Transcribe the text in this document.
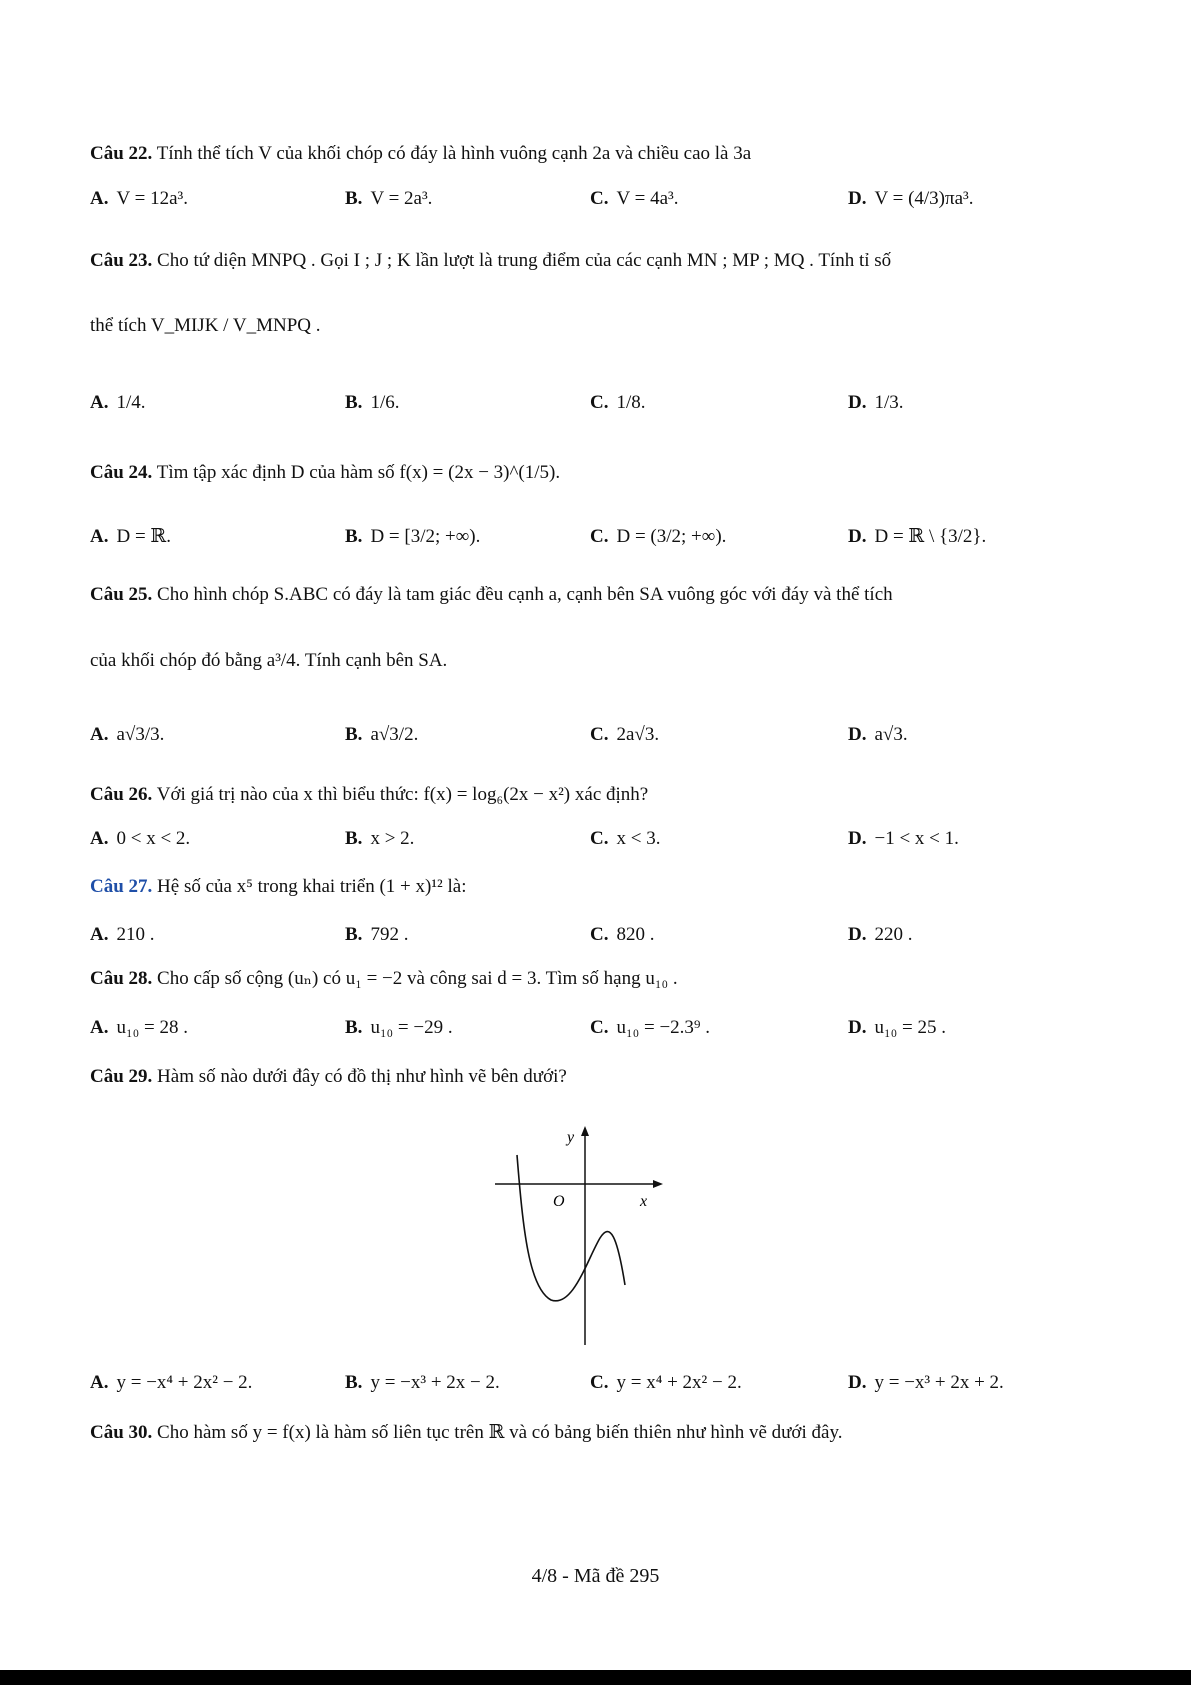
Câu 22. Tính thể tích V của khối chóp có đáy là hình vuông cạnh 2a và chiều cao là 3a
A. V = 12a³.	B. V = 2a³.	C. V = 4a³.	D. V = (4/3)πa³.
Câu 23. Cho tứ diện MNPQ . Gọi I ; J ; K lần lượt là trung điểm của các cạnh MN ; MP ; MQ . Tính tỉ số
thể tích V_MIJK / V_MNPQ .
A. 1/4.	B. 1/6.	C. 1/8.	D. 1/3.
Câu 24. Tìm tập xác định D của hàm số f(x) = (2x − 3)^(1/5).
A. D = ℝ.	B. D = [3/2; +∞).	C. D = (3/2; +∞).	D. D = ℝ \ {3/2}.
Câu 25. Cho hình chóp S.ABC có đáy là tam giác đều cạnh a, cạnh bên SA vuông góc với đáy và thể tích
của khối chóp đó bằng a³/4. Tính cạnh bên SA.
A. a√3/3.	B. a√3/2.	C. 2a√3.	D. a√3.
Câu 26. Với giá trị nào của x thì biểu thức: f(x) = log₆(2x − x²) xác định?
A. 0 < x < 2.	B. x > 2.	C. x < 3.	D. −1 < x < 1.
Câu 27. Hệ số của x⁵ trong khai triển (1 + x)¹² là:
A. 210 .	B. 792 .	C. 820 .	D. 220 .
Câu 28. Cho cấp số cộng (uₙ) có u₁ = −2 và công sai d = 3. Tìm số hạng u₁₀ .
A. u₁₀ = 28 .	B. u₁₀ = −29 .	C. u₁₀ = −2.3⁹ .	D. u₁₀ = 25 .
Câu 29. Hàm số nào dưới đây có đồ thị như hình vẽ bên dưới?
y
x
O
A. y = −x⁴ + 2x² − 2.	B. y = −x³ + 2x − 2.	C. y = x⁴ + 2x² − 2.	D. y = −x³ + 2x + 2.
Câu 30. Cho hàm số y = f(x) là hàm số liên tục trên ℝ và có bảng biến thiên như hình vẽ dưới đây.
4/8 - Mã đề 295
